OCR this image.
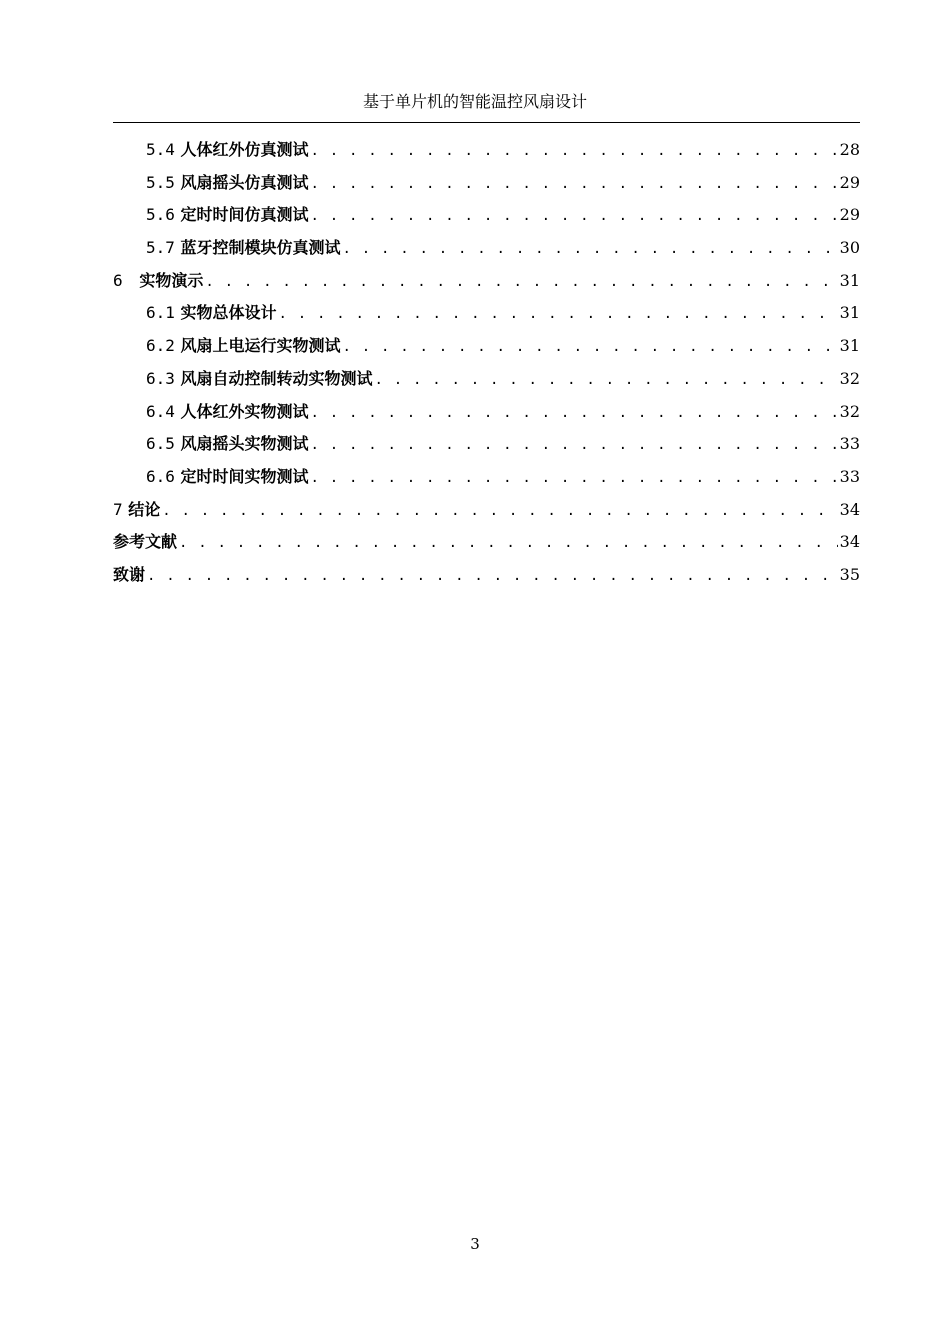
基于单片机的智能温控风扇设计
5.4 人体红外仿真测试 . . .	28
5.5 风扇摇头仿真测试 . . .	29
5.6 定时时间仿真测试 . . .	29
5.7 蓝牙控制模块仿真测试 . . .	30
6 实物演示 . . .	31
6.1 实物总体设计 . . .	31
6.2 风扇上电运行实物测试 . . .	31
6.3 风扇自动控制转动实物测试 . . .	32
6.4 人体红外实物测试 . . .	32
6.5 风扇摇头实物测试 . . .	33
6.6 定时时间实物测试 . . .	33
7 结论 . . .	34
参考文献 . . .	34
致谢 . . .	35
3
